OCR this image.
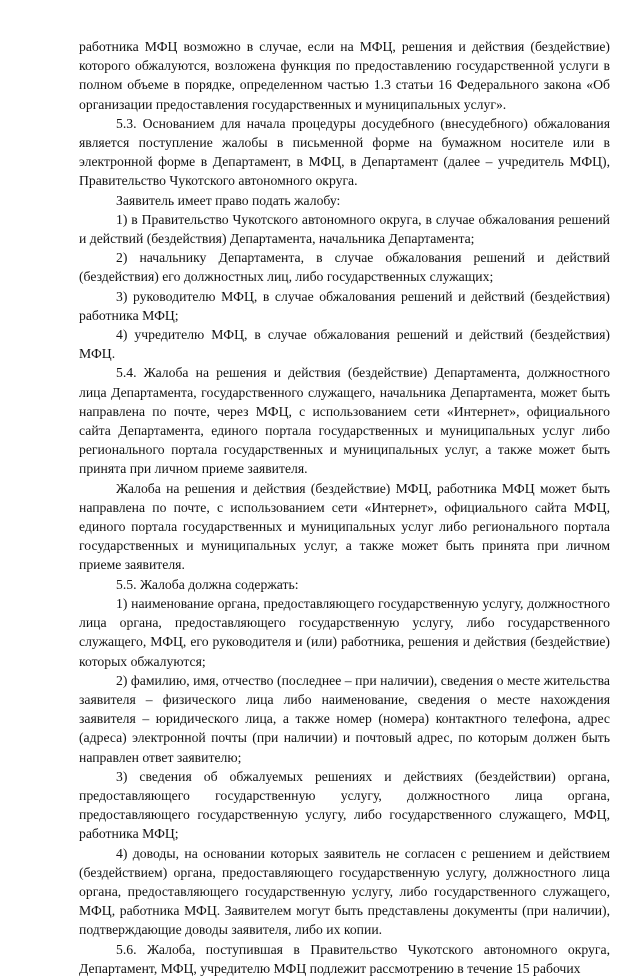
работника МФЦ возможно в случае, если на МФЦ, решения и действия (бездействие) которого обжалуются, возложена функция по предоставлению государственной услуги в полном объеме в порядке, определенном частью 1.3 статьи 16 Федерального закона «Об организации предоставления государственных и муниципальных услуг».

5.3. Основанием для начала процедуры досудебного (внесудебного) обжалования является поступление жалобы в письменной форме на бумажном носителе или в электронной форме в Департамент, в МФЦ, в Департамент (далее – учредитель МФЦ), Правительство Чукотского автономного округа.

Заявитель имеет право подать жалобу:

1) в Правительство Чукотского автономного округа, в случае обжалования решений и действий (бездействия) Департамента, начальника Департамента;

2) начальнику Департамента, в случае обжалования решений и действий (бездействия) его должностных лиц, либо государственных служащих;

3) руководителю МФЦ, в случае обжалования решений и действий (бездействия) работника МФЦ;

4) учредителю МФЦ, в случае обжалования решений и действий (бездействия) МФЦ.

5.4. Жалоба на решения и действия (бездействие) Департамента, должностного лица Департамента, государственного служащего, начальника Департамента, может быть направлена по почте, через МФЦ, с использованием сети «Интернет», официального сайта Департамента, единого портала государственных и муниципальных услуг либо регионального портала государственных и муниципальных услуг, а также может быть принята при личном приеме заявителя.

Жалоба на решения и действия (бездействие) МФЦ, работника МФЦ может быть направлена по почте, с использованием сети «Интернет», официального сайта МФЦ, единого портала государственных и муниципальных услуг либо регионального портала государственных и муниципальных услуг, а также может быть принята при личном приеме заявителя.

5.5. Жалоба должна содержать:

1) наименование органа, предоставляющего государственную услугу, должностного лица органа, предоставляющего государственную услугу, либо государственного служащего, МФЦ, его руководителя и (или) работника, решения и действия (бездействие) которых обжалуются;

2) фамилию, имя, отчество (последнее – при наличии), сведения о месте жительства заявителя – физического лица либо наименование, сведения о месте нахождения заявителя – юридического лица, а также номер (номера) контактного телефона, адрес (адреса) электронной почты (при наличии) и почтовый адрес, по которым должен быть направлен ответ заявителю;

3) сведения об обжалуемых решениях и действиях (бездействии) органа, предоставляющего государственную услугу, должностного лица органа, предоставляющего государственную услугу, либо государственного служащего, МФЦ, работника МФЦ;

4) доводы, на основании которых заявитель не согласен с решением и действием (бездействием) органа, предоставляющего государственную услугу, должностного лица органа, предоставляющего государственную услугу, либо государственного служащего, МФЦ, работника МФЦ. Заявителем могут быть представлены документы (при наличии), подтверждающие доводы заявителя, либо их копии.

5.6. Жалоба, поступившая в Правительство Чукотского автономного округа, Департамент, МФЦ, учредителю МФЦ подлежит рассмотрению в течение 15 рабочих
